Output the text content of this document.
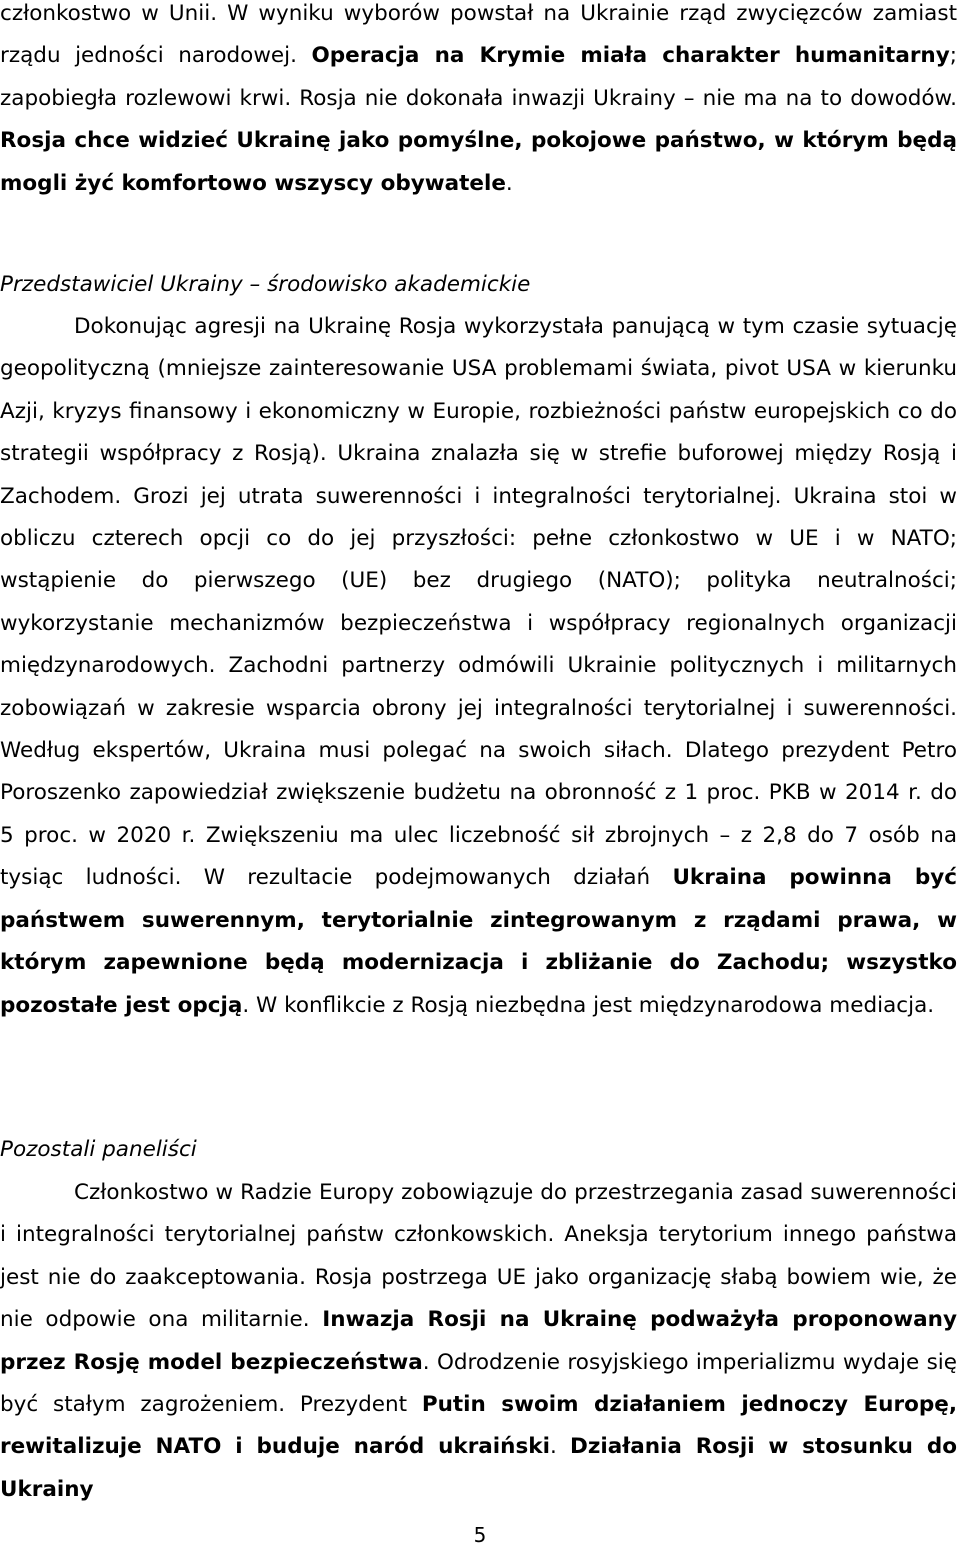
członkostwo w Unii. W wyniku wyborów powstał na Ukrainie rząd zwycięzców zamiast rządu jedności narodowej. Operacja na Krymie miała charakter humanitarny; zapobiegła rozlewowi krwi. Rosja nie dokonała inwazji Ukrainy – nie ma na to dowodów. Rosja chce widzieć Ukrainę jako pomyślne, pokojowe państwo, w którym będą mogli żyć komfortowo wszyscy obywatele.

Przedstawiciel Ukrainy – środowisko akademickie

Dokonując agresji na Ukrainę Rosja wykorzystała panującą w tym czasie sytuację geopolityczną (mniejsze zainteresowanie USA problemami świata, pivot USA w kierunku Azji, kryzys finansowy i ekonomiczny w Europie, rozbieżności państw europejskich co do strategii współpracy z Rosją). Ukraina znalazła się w strefie buforowej między Rosją i Zachodem. Grozi jej utrata suwerenności i integralności terytorialnej. Ukraina stoi w obliczu czterech opcji co do jej przyszłości: pełne członkostwo w UE i w NATO; wstąpienie do pierwszego (UE) bez drugiego (NATO); polityka neutralności; wykorzystanie mechanizmów bezpieczeństwa i współpracy regionalnych organizacji międzynarodowych. Zachodni partnerzy odmówili Ukrainie politycznych i militarnych zobowiązań w zakresie wsparcia obrony jej integralności terytorialnej i suwerenności. Według ekspertów, Ukraina musi polegać na swoich siłach. Dlatego prezydent Petro Poroszenko zapowiedział zwiększenie budżetu na obronność z 1 proc. PKB w 2014 r. do 5 proc. w 2020 r. Zwiększeniu ma ulec liczebność sił zbrojnych – z 2,8 do 7 osób na tysiąc ludności. W rezultacie podejmowanych działań Ukraina powinna być państwem suwerennym, terytorialnie zintegrowanym z rządami prawa, w którym zapewnione będą modernizacja i zbliżanie do Zachodu; wszystko pozostałe jest opcją. W konflikcie z Rosją niezbędna jest międzynarodowa mediacja.

Pozostali paneliści

Członkostwo w Radzie Europy zobowiązuje do przestrzegania zasad suwerenności i integralności terytorialnej państw członkowskich. Aneksja terytorium innego państwa jest nie do zaakceptowania. Rosja postrzega UE jako organizację słabą bowiem wie, że nie odpowie ona militarnie. Inwazja Rosji na Ukrainę podważyła proponowany przez Rosję model bezpieczeństwa. Odrodzenie rosyjskiego imperializmu wydaje się być stałym zagrożeniem. Prezydent Putin swoim działaniem jednoczy Europę, rewitalizuje NATO i buduje naród ukraiński. Działania Rosji w stosunku do Ukrainy

5
